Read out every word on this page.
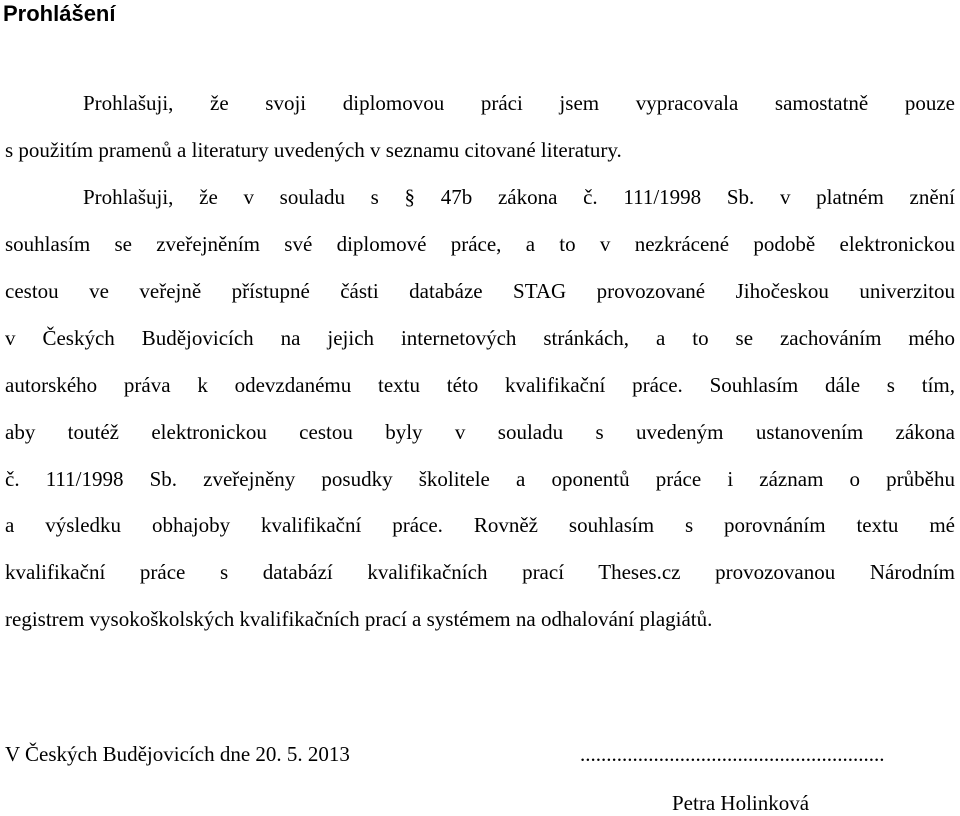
Prohlášení
Prohlašuji, že svoji diplomovou práci jsem vypracovala samostatně pouze
s použitím pramenů a literatury uvedených v seznamu citované literatury.
Prohlašuji, že v souladu s § 47b zákona č. 111/1998 Sb. v platném znění
souhlasím se zveřejněním své diplomové práce, a to v nezkrácené podobě elektronickou
cestou ve veřejně přístupné části databáze STAG provozované Jihočeskou univerzitou
v Českých Budějovicích na jejich internetových stránkách, a to se zachováním mého
autorského práva k odevzdanému textu této kvalifikační práce. Souhlasím dále s tím,
aby toutéž elektronickou cestou byly v souladu s uvedeným ustanovením zákona
č. 111/1998 Sb. zveřejněny posudky školitele a oponentů práce i záznam o průběhu
a výsledku obhajoby kvalifikační práce. Rovněž souhlasím s porovnáním textu mé
kvalifikační práce s databází kvalifikačních prací Theses.cz provozovanou Národním
registrem vysokoškolských kvalifikačních prací a systémem na odhalování plagiátů.
V Českých Budějovicích dne 20. 5. 2013	..........................................................
Petra Holinková
